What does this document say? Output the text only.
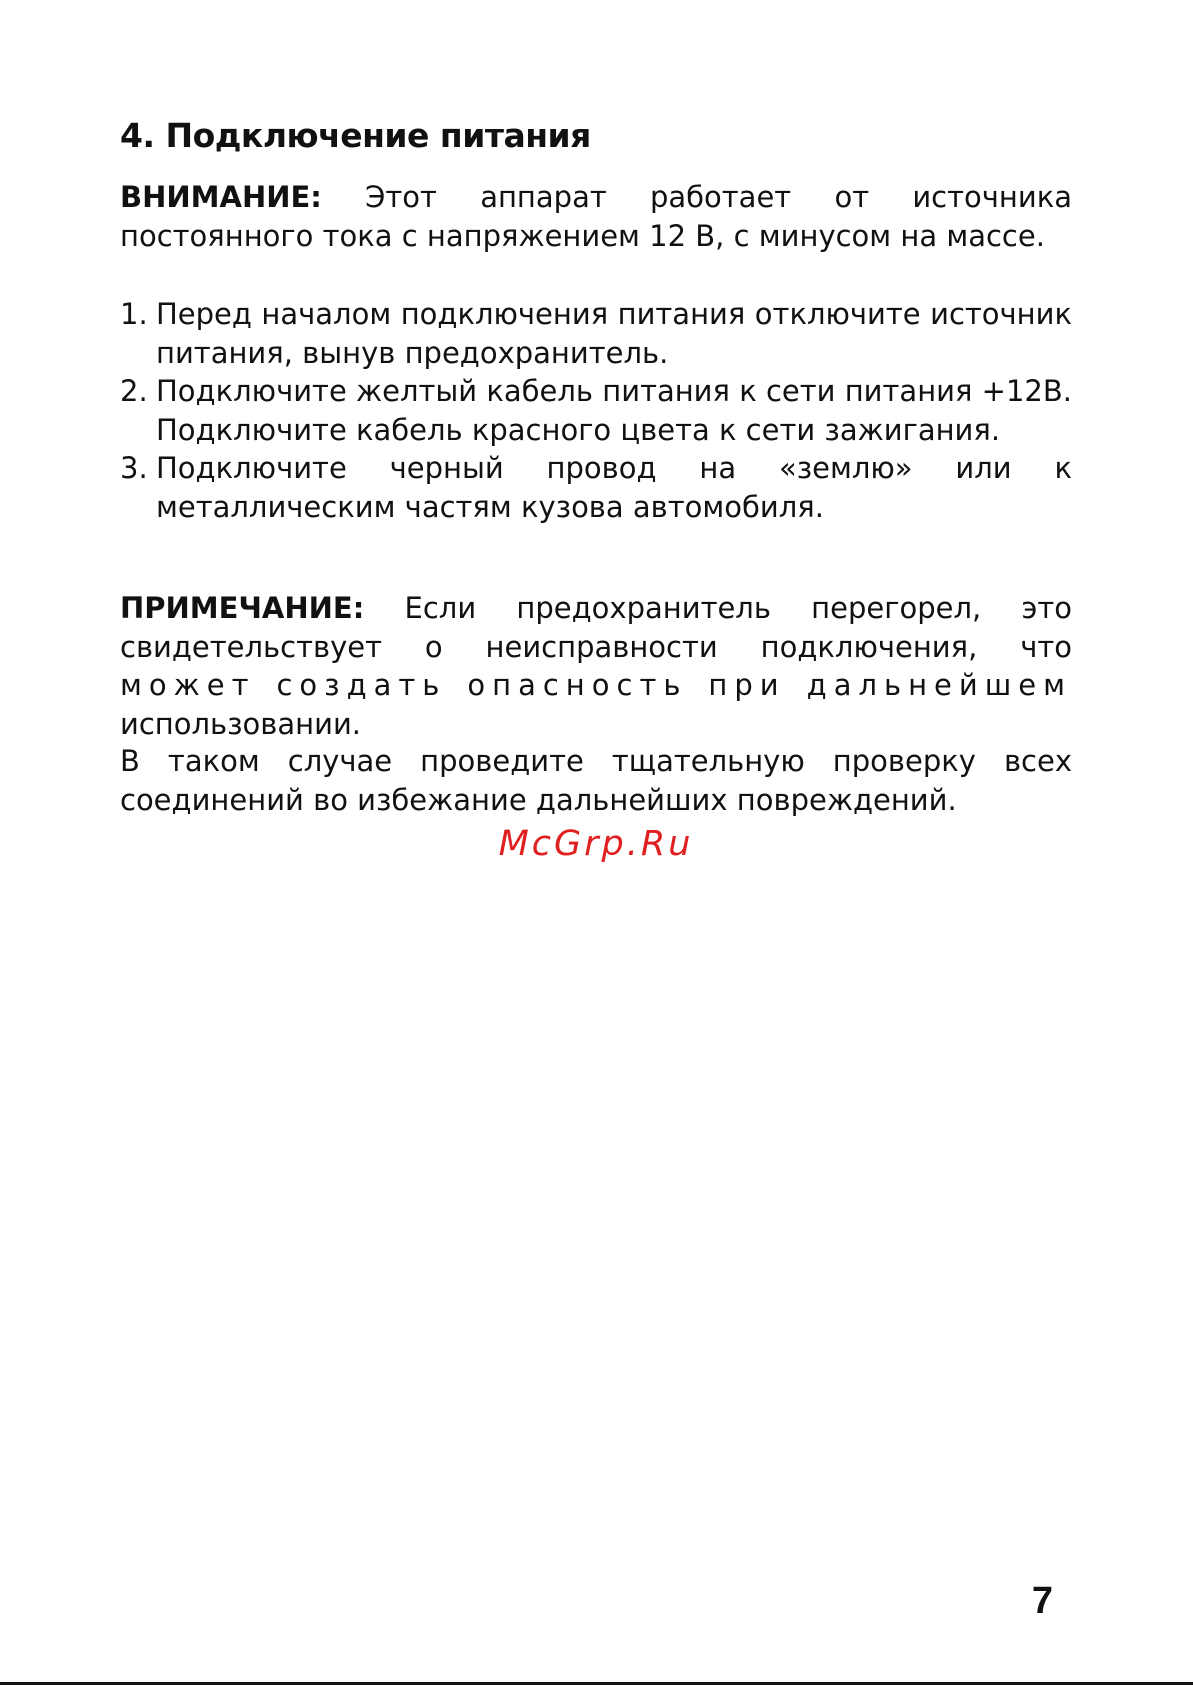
4. Подключение питания

ВНИМАНИЕ: Этот аппарат работает от источника постоянного тока с напряжением 12 В, с минусом на массе.

1. Перед началом подключения питания отключите источник питания, вынув предохранитель.
2. Подключите желтый кабель питания к сети питания +12В. Подключите кабель красного цвета к сети зажигания.
3. Подключите черный провод на «землю» или к металлическим частям кузова автомобиля.

ПРИМЕЧАНИЕ: Если предохранитель перегорел, это свидетельствует о неисправности подключения, что может создать опасность при дальнейшем использовании.

В таком случае проведите тщательную проверку всех соединений во избежание дальнейших повреждений.

McGrp.Ru

7
